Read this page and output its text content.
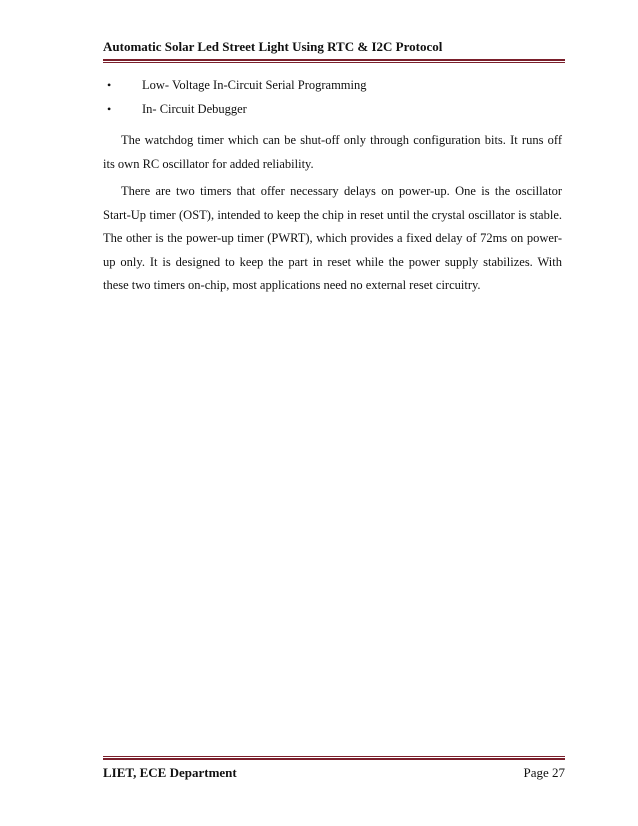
Automatic Solar Led Street Light Using RTC & I2C Protocol
• Low- Voltage In-Circuit Serial Programming
• In- Circuit Debugger

The watchdog timer which can be shut-off only through configuration bits. It runs off its own RC oscillator for added reliability.

There are two timers that offer necessary delays on power-up. One is the oscillator Start-Up timer (OST), intended to keep the chip in reset until the crystal oscillator is stable. The other is the power-up timer (PWRT), which provides a fixed delay of 72ms on power-up only. It is designed to keep the part in reset while the power supply stabilizes. With these two timers on-chip, most applications need no external reset circuitry.

LIET, ECE Department	Page 27
